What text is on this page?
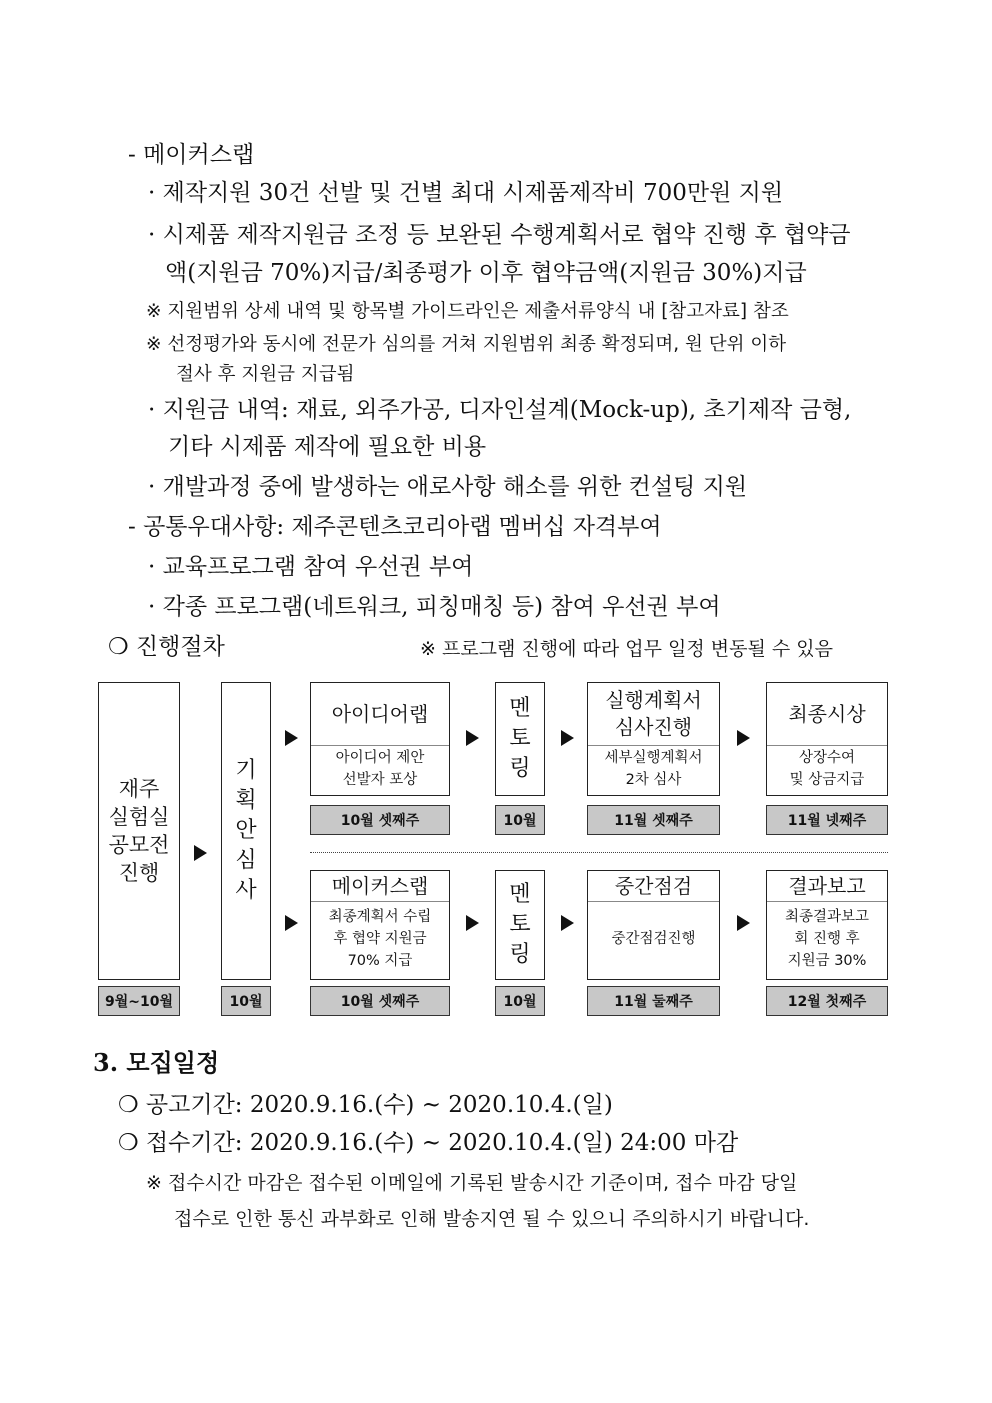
- 메이커스랩
· 제작지원 30건 선발 및 건별 최대 시제품제작비 700만원 지원
· 시제품 제작지원금 조정 등 보완된 수행계획서로 협약 진행 후 협약금
액(지원금 70%)지급/최종평가 이후 협약금액(지원금 30%)지급
※ 지원범위 상세 내역 및 항목별 가이드라인은 제출서류양식 내 [참고자료] 참조
※ 선정평가와 동시에 전문가 심의를 거쳐 지원범위 최종 확정되며, 원 단위 이하
절사 후 지원금 지급됨
· 지원금 내역: 재료, 외주가공, 디자인설계(Mock-up), 초기제작 금형,
기타 시제품 제작에 필요한 비용
· 개발과정 중에 발생하는 애로사항 해소를 위한 컨설팅 지원
- 공통우대사항: 제주콘텐츠코리아랩 멤버십 자격부여
· 교육프로그램 참여 우선권 부여
· 각종 프로그램(네트워크, 피칭매칭 등) 참여 우선권 부여
❍ 진행절차	※ 프로그램 진행에 따라 업무 일정 변동될 수 있음
재주
실험실
공모전
진행
9월~10월
기
획
안
심
사
10월
아이디어랩
아이디어 제안
선발자 포상
10월 셋째주
멘
토
링
10월
실행계획서
심사진행
세부실행계획서
2차 심사
11월 셋째주
최종시상
상장수여
및 상금지급
11월 넷째주
메이커스랩
최종계획서 수립
후 협약 지원금
70% 지급
10월 셋째주
멘
토
링
10월
중간점검
중간점검진행
11월 둘째주
결과보고
최종결과보고
회 진행 후
지원금 30%
12월 첫째주
3. 모집일정
❍ 공고기간: 2020.9.16.(수) ~ 2020.10.4.(일)
❍ 접수기간: 2020.9.16.(수) ~ 2020.10.4.(일) 24:00 마감
※ 접수시간 마감은 접수된 이메일에 기록된 발송시간 기준이며, 접수 마감 당일
접수로 인한 통신 과부화로 인해 발송지연 될 수 있으니 주의하시기 바랍니다.
